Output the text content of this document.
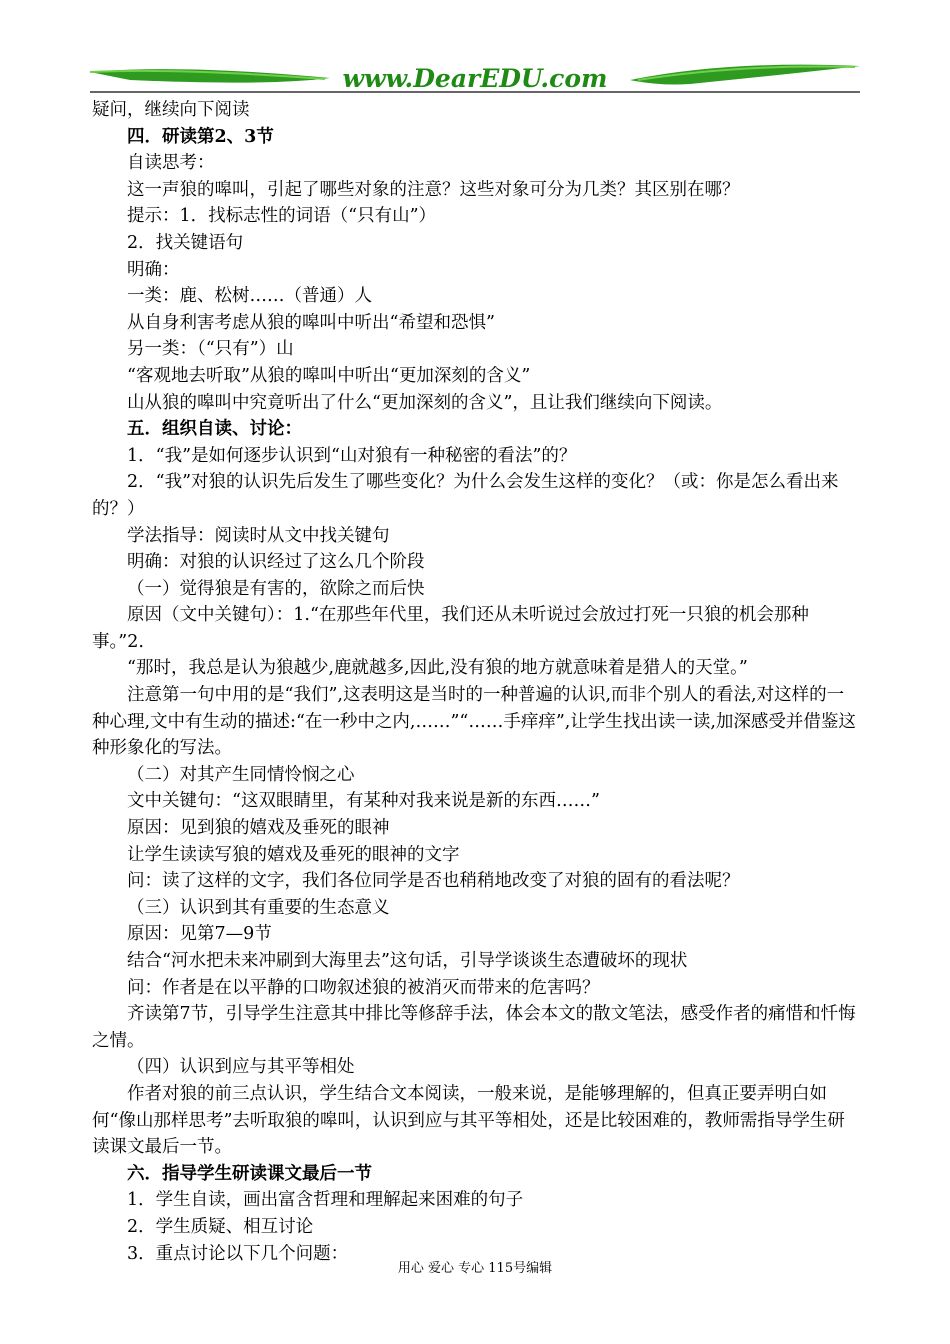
www.DearEDU.com

疑问，继续向下阅读

四．研读第2、3节

自读思考：

这一声狼的嗥叫，引起了哪些对象的注意？这些对象可分为几类？其区别在哪？

提示：1．找标志性的词语（“只有山”）

2．找关键语句

明确：

一类：鹿、松树……（普通）人

从自身利害考虑从狼的嗥叫中听出“希望和恐惧”

另一类：（“只有”）山

“客观地去听取”从狼的嗥叫中听出“更加深刻的含义”

山从狼的嗥叫中究竟听出了什么“更加深刻的含义”，且让我们继续向下阅读。

五．组织自读、讨论：

1．“我”是如何逐步认识到“山对狼有一种秘密的看法”的？

2．“我”对狼的认识先后发生了哪些变化？为什么会发生这样的变化？（或：你是怎么看出来的？）

学法指导：阅读时从文中找关键句

明确：对狼的认识经过了这么几个阶段

（一）觉得狼是有害的，欲除之而后快

原因（文中关键句）：1.“在那些年代里，我们还从未听说过会放过打死一只狼的机会那种事。”2.

“那时，我总是认为狼越少,鹿就越多,因此,没有狼的地方就意味着是猎人的天堂。”

注意第一句中用的是“我们”,这表明这是当时的一种普遍的认识,而非个别人的看法,对这样的一种心理,文中有生动的描述:“在一秒中之内,……”“……手痒痒”,让学生找出读一读,加深感受并借鉴这种形象化的写法。

（二）对其产生同情怜悯之心

文中关键句：“这双眼睛里，有某种对我来说是新的东西……”

原因：见到狼的嬉戏及垂死的眼神

让学生读读写狼的嬉戏及垂死的眼神的文字

问：读了这样的文字，我们各位同学是否也稍稍地改变了对狼的固有的看法呢？

（三）认识到其有重要的生态意义

原因：见第7—9节

结合“河水把未来冲刷到大海里去”这句话，引导学谈谈生态遭破坏的现状

问：作者是在以平静的口吻叙述狼的被消灭而带来的危害吗？

齐读第7节，引导学生注意其中排比等修辞手法，体会本文的散文笔法，感受作者的痛惜和忏悔之情。

（四）认识到应与其平等相处

作者对狼的前三点认识，学生结合文本阅读，一般来说，是能够理解的，但真正要弄明白如何“像山那样思考”去听取狼的嗥叫，认识到应与其平等相处，还是比较困难的，教师需指导学生研读课文最后一节。

六．指导学生研读课文最后一节

1．学生自读，画出富含哲理和理解起来困难的句子

2．学生质疑、相互讨论

3．重点讨论以下几个问题：

用心 爱心 专心 115号编辑
